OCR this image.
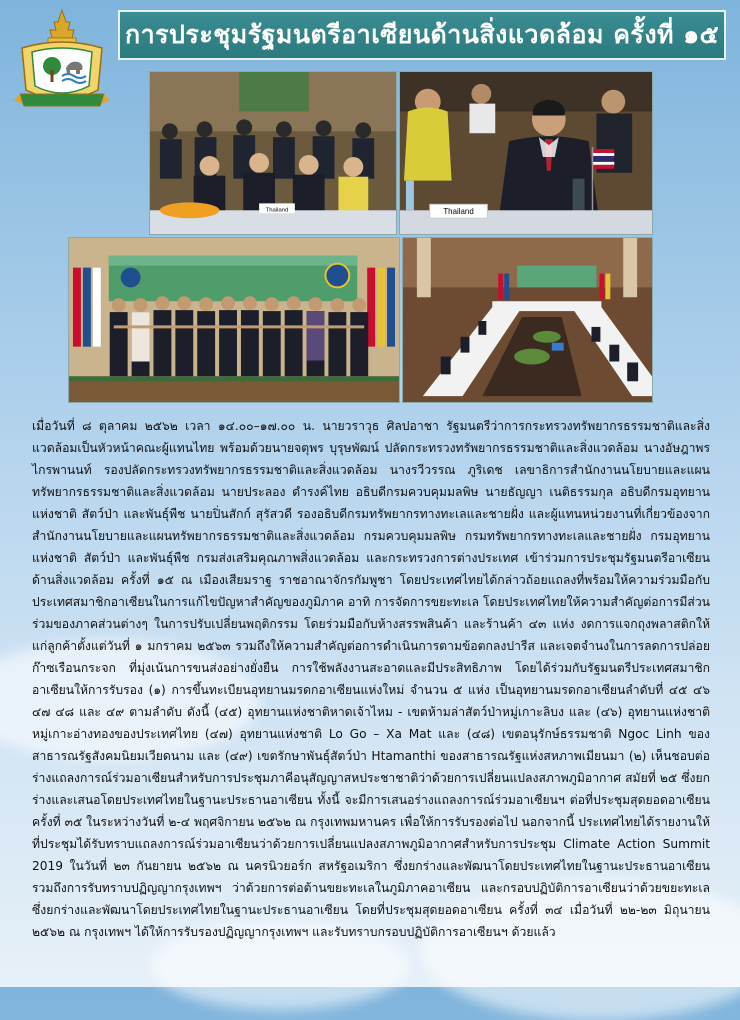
การประชุมรัฐมนตรีอาเซียนด้านสิ่งแวดล้อม ครั้งที่ ๑๕
Thailand	Thailand
เมื่อวันที่ ๘ ตุลาคม ๒๕๖๒ เวลา ๑๔.๐๐–๑๗.๐๐ น. นายวราวุธ ศิลปอาชา รัฐมนตรีว่าการกระทรวงทรัพยากรธรรมชาติและสิ่งแวดล้อมเป็นหัวหน้าคณะผู้แทนไทย พร้อมด้วยนายจตุพร บุรุษพัฒน์ ปลัดกระทรวงทรัพยากรธรรมชาติและสิ่งแวดล้อม นางอัษฎาพร ไกรพานนท์ รองปลัดกระทรวงทรัพยากรธรรมชาติและสิ่งแวดล้อม นางรวีวรรณ ภูริเดช เลขาธิการสำนักงานนโยบายและแผนทรัพยากรธรรมชาติและสิ่งแวดล้อม นายประลอง ดำรงค์ไทย อธิบดีกรมควบคุมมลพิษ นายธัญญา เนติธรรมกุล อธิบดีกรมอุทยานแห่งชาติ สัตว์ป่า และพันธุ์พืช นายปิ่นสักก์ สุรัสวดี รองอธิบดีกรมทรัพยากรทางทะเลและชายฝั่ง และผู้แทนหน่วยงานที่เกี่ยวข้องจากสำนักงานนโยบายและแผนทรัพยากรธรรมชาติและสิ่งแวดล้อม กรมควบคุมมลพิษ กรมทรัพยากรทางทะเลและชายฝั่ง กรมอุทยานแห่งชาติ สัตว์ป่า และพันธุ์พืช กรมส่งเสริมคุณภาพสิ่งแวดล้อม และกระทรวงการต่างประเทศ เข้าร่วมการประชุมรัฐมนตรีอาเซียนด้านสิ่งแวดล้อม ครั้งที่ ๑๕ ณ เมืองเสียมราฐ ราชอาณาจักรกัมพูชา โดยประเทศไทยได้กล่าวถ้อยแถลงที่พร้อมให้ความร่วมมือกับประเทศสมาชิกอาเซียนในการแก้ไขปัญหาสำคัญของภูมิภาค อาทิ การจัดการขยะทะเล โดยประเทศไทยให้ความสำคัญต่อการมีส่วนร่วมของภาคส่วนต่างๆ ในการปรับเปลี่ยนพฤติกรรม โดยร่วมมือกับห้างสรรพสินค้า และร้านค้า ๔๓ แห่ง งดการแจกถุงพลาสติกให้แก่ลูกค้าตั้งแต่วันที่ ๑ มกราคม ๒๕๖๓ รวมถึงให้ความสำคัญต่อการดำเนินการตามข้อตกลงปารีส และเจตจำนงในการลดการปล่อยก๊าซเรือนกระจก ที่มุ่งเน้นการขนส่งอย่างยั่งยืน การใช้พลังงานสะอาดและมีประสิทธิภาพ โดยได้ร่วมกับรัฐมนตรีประเทศสมาชิกอาเซียนให้การรับรอง (๑) การขึ้นทะเบียนอุทยานมรดกอาเซียนแห่งใหม่ จำนวน ๕ แห่ง เป็นอุทยานมรดกอาเซียนลำดับที่ ๔๕ ๔๖ ๔๗ ๔๘ และ ๔๙ ตามลำดับ ดังนี้ (๔๕) อุทยานแห่งชาติหาดเจ้าไหม - เขตห้ามล่าสัตว์ป่าหมู่เกาะลิบง และ (๔๖) อุทยานแห่งชาติหมู่เกาะอ่างทองของประเทศไทย (๔๗) อุทยานแห่งชาติ Lo Go – Xa Mat และ (๔๘) เขตอนุรักษ์ธรรมชาติ Ngoc Linh ของสาธารณรัฐสังคมนิยมเวียดนาม และ (๔๙) เขตรักษาพันธุ์สัตว์ป่า Htamanthi ของสาธารณรัฐแห่งสหภาพเมียนมา (๒) เห็นชอบต่อร่างแถลงการณ์ร่วมอาเซียนสำหรับการประชุมภาคีอนุสัญญาสหประชาชาติว่าด้วยการเปลี่ยนแปลงสภาพภูมิอากาศ สมัยที่ ๒๕ ซึ่งยกร่างและเสนอโดยประเทศไทยในฐานะประธานอาเซียน ทั้งนี้ จะมีการเสนอร่างแถลงการณ์ร่วมอาเซียนฯ ต่อที่ประชุมสุดยอดอาเซียน ครั้งที่ ๓๕ ในระหว่างวันที่ ๒-๔ พฤศจิกายน ๒๕๖๒ ณ กรุงเทพมหานคร เพื่อให้การรับรองต่อไป นอกจากนี้ ประเทศไทยได้รายงานให้ที่ประชุมได้รับทราบแถลงการณ์ร่วมอาเซียนว่าด้วยการเปลี่ยนแปลงสภาพภูมิอากาศสำหรับการประชุม Climate Action Summit 2019 ในวันที่ ๒๓ กันยายน ๒๕๖๒ ณ นครนิวยอร์ก สหรัฐอเมริกา ซึ่งยกร่างและพัฒนาโดยประเทศไทยในฐานะประธานอาเซียน รวมถึงการรับทราบปฏิญญากรุงเทพฯ ว่าด้วยการต่อต้านขยะทะเลในภูมิภาคอาเซียน และกรอบปฏิบัติการอาเซียนว่าด้วยขยะทะเล ซึ่งยกร่างและพัฒนาโดยประเทศไทยในฐานะประธานอาเซียน โดยที่ประชุมสุดยอดอาเซียน ครั้งที่ ๓๔ เมื่อวันที่ ๒๒-๒๓ มิถุนายน ๒๕๖๒ ณ กรุงเทพฯ ได้ให้การรับรองปฏิญญากรุงเทพฯ และรับทราบกรอบปฏิบัติการอาเซียนฯ ด้วยแล้ว
